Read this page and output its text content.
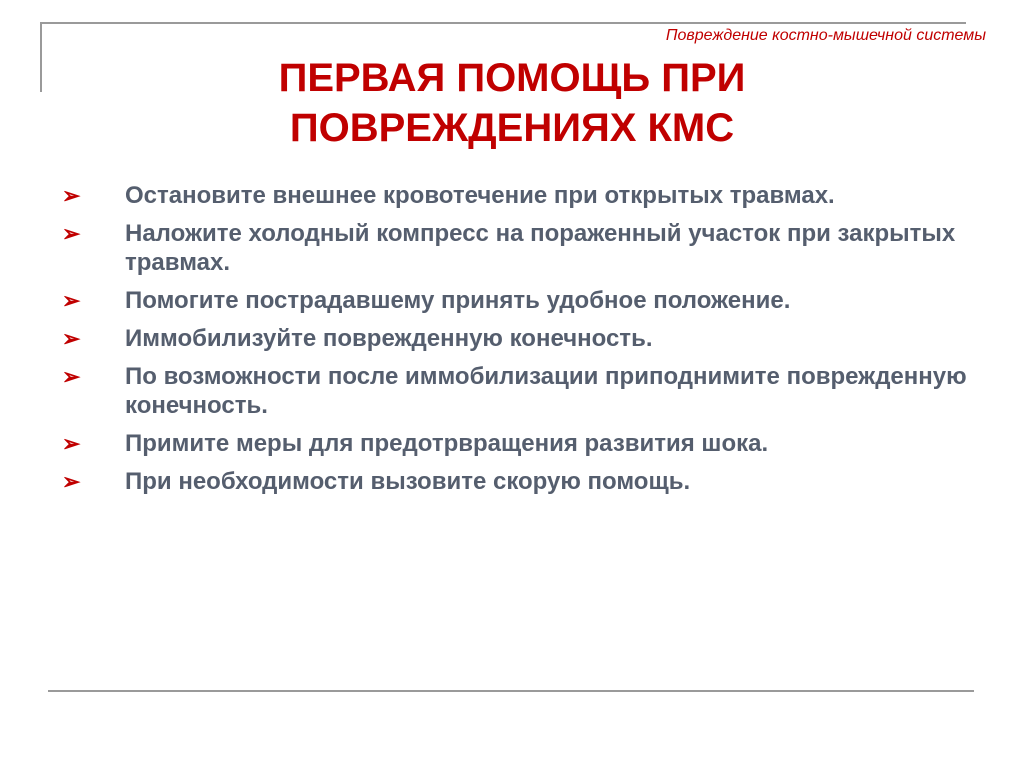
Повреждение костно-мышечной системы
ПЕРВАЯ ПОМОЩЬ ПРИ
ПОВРЕЖДЕНИЯХ КМС
➢ Остановите внешнее кровотечение при открытых травмах.
➢ Наложите холодный компресс на пораженный участок при закрытых травмах.
➢ Помогите пострадавшему принять удобное положение.
➢ Иммобилизуйте поврежденную конечность.
➢ По возможности после иммобилизации приподнимите поврежденную конечность.
➢ Примите меры для предотрвращения развития шока.
➢ При необходимости вызовите скорую помощь.
